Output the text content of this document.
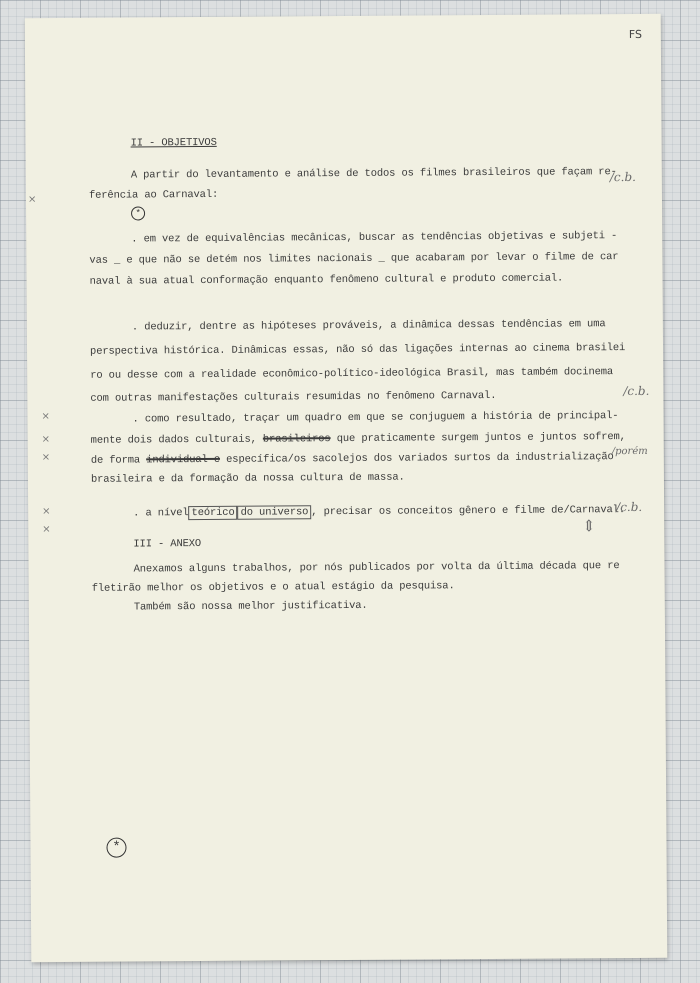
FS
II - OBJETIVOS
A partir do levantamento e análise de todos os filmes brasileiros que façam re-
ferência ao Carnaval:
*
. em vez de equivalências mecânicas, buscar as tendências objetivas e subjeti -
vas _ e que não se detém nos limites nacionais _ que acabaram por levar o filme de car
naval à sua atual conformação enquanto fenômeno cultural e produto comercial.
. deduzir, dentre as hipóteses prováveis, a dinâmica dessas tendências em uma
perspectiva histórica. Dinâmicas essas, não só das ligações internas ao cinema brasilei
ro ou desse com a realidade econômico-político-ideológica Brasil, mas também docinema
com outras manifestações culturais resumidas no fenômeno Carnaval.
. como resultado, traçar um quadro em que se conjuguem a história de principal-
mente dois dados culturais, brasileiros que praticamente surgem juntos e juntos sofrem,
de forma individual e específica/os sacolejos dos variados surtos da industrialização
brasileira e da formação da nossa cultura de massa.
. a nível teórico do universo , precisar os conceitos gênero e filme de/Carnaval.
III - ANEXO
Anexamos alguns trabalhos, por nós publicados por volta da última década que re
fletirão melhor os objetivos e o atual estágio da pesquisa.
Também são nossa melhor justificativa.
*
/c.b.
/c.b.
/porém
/c.b.
⇕
×
×
×
×
×
×
